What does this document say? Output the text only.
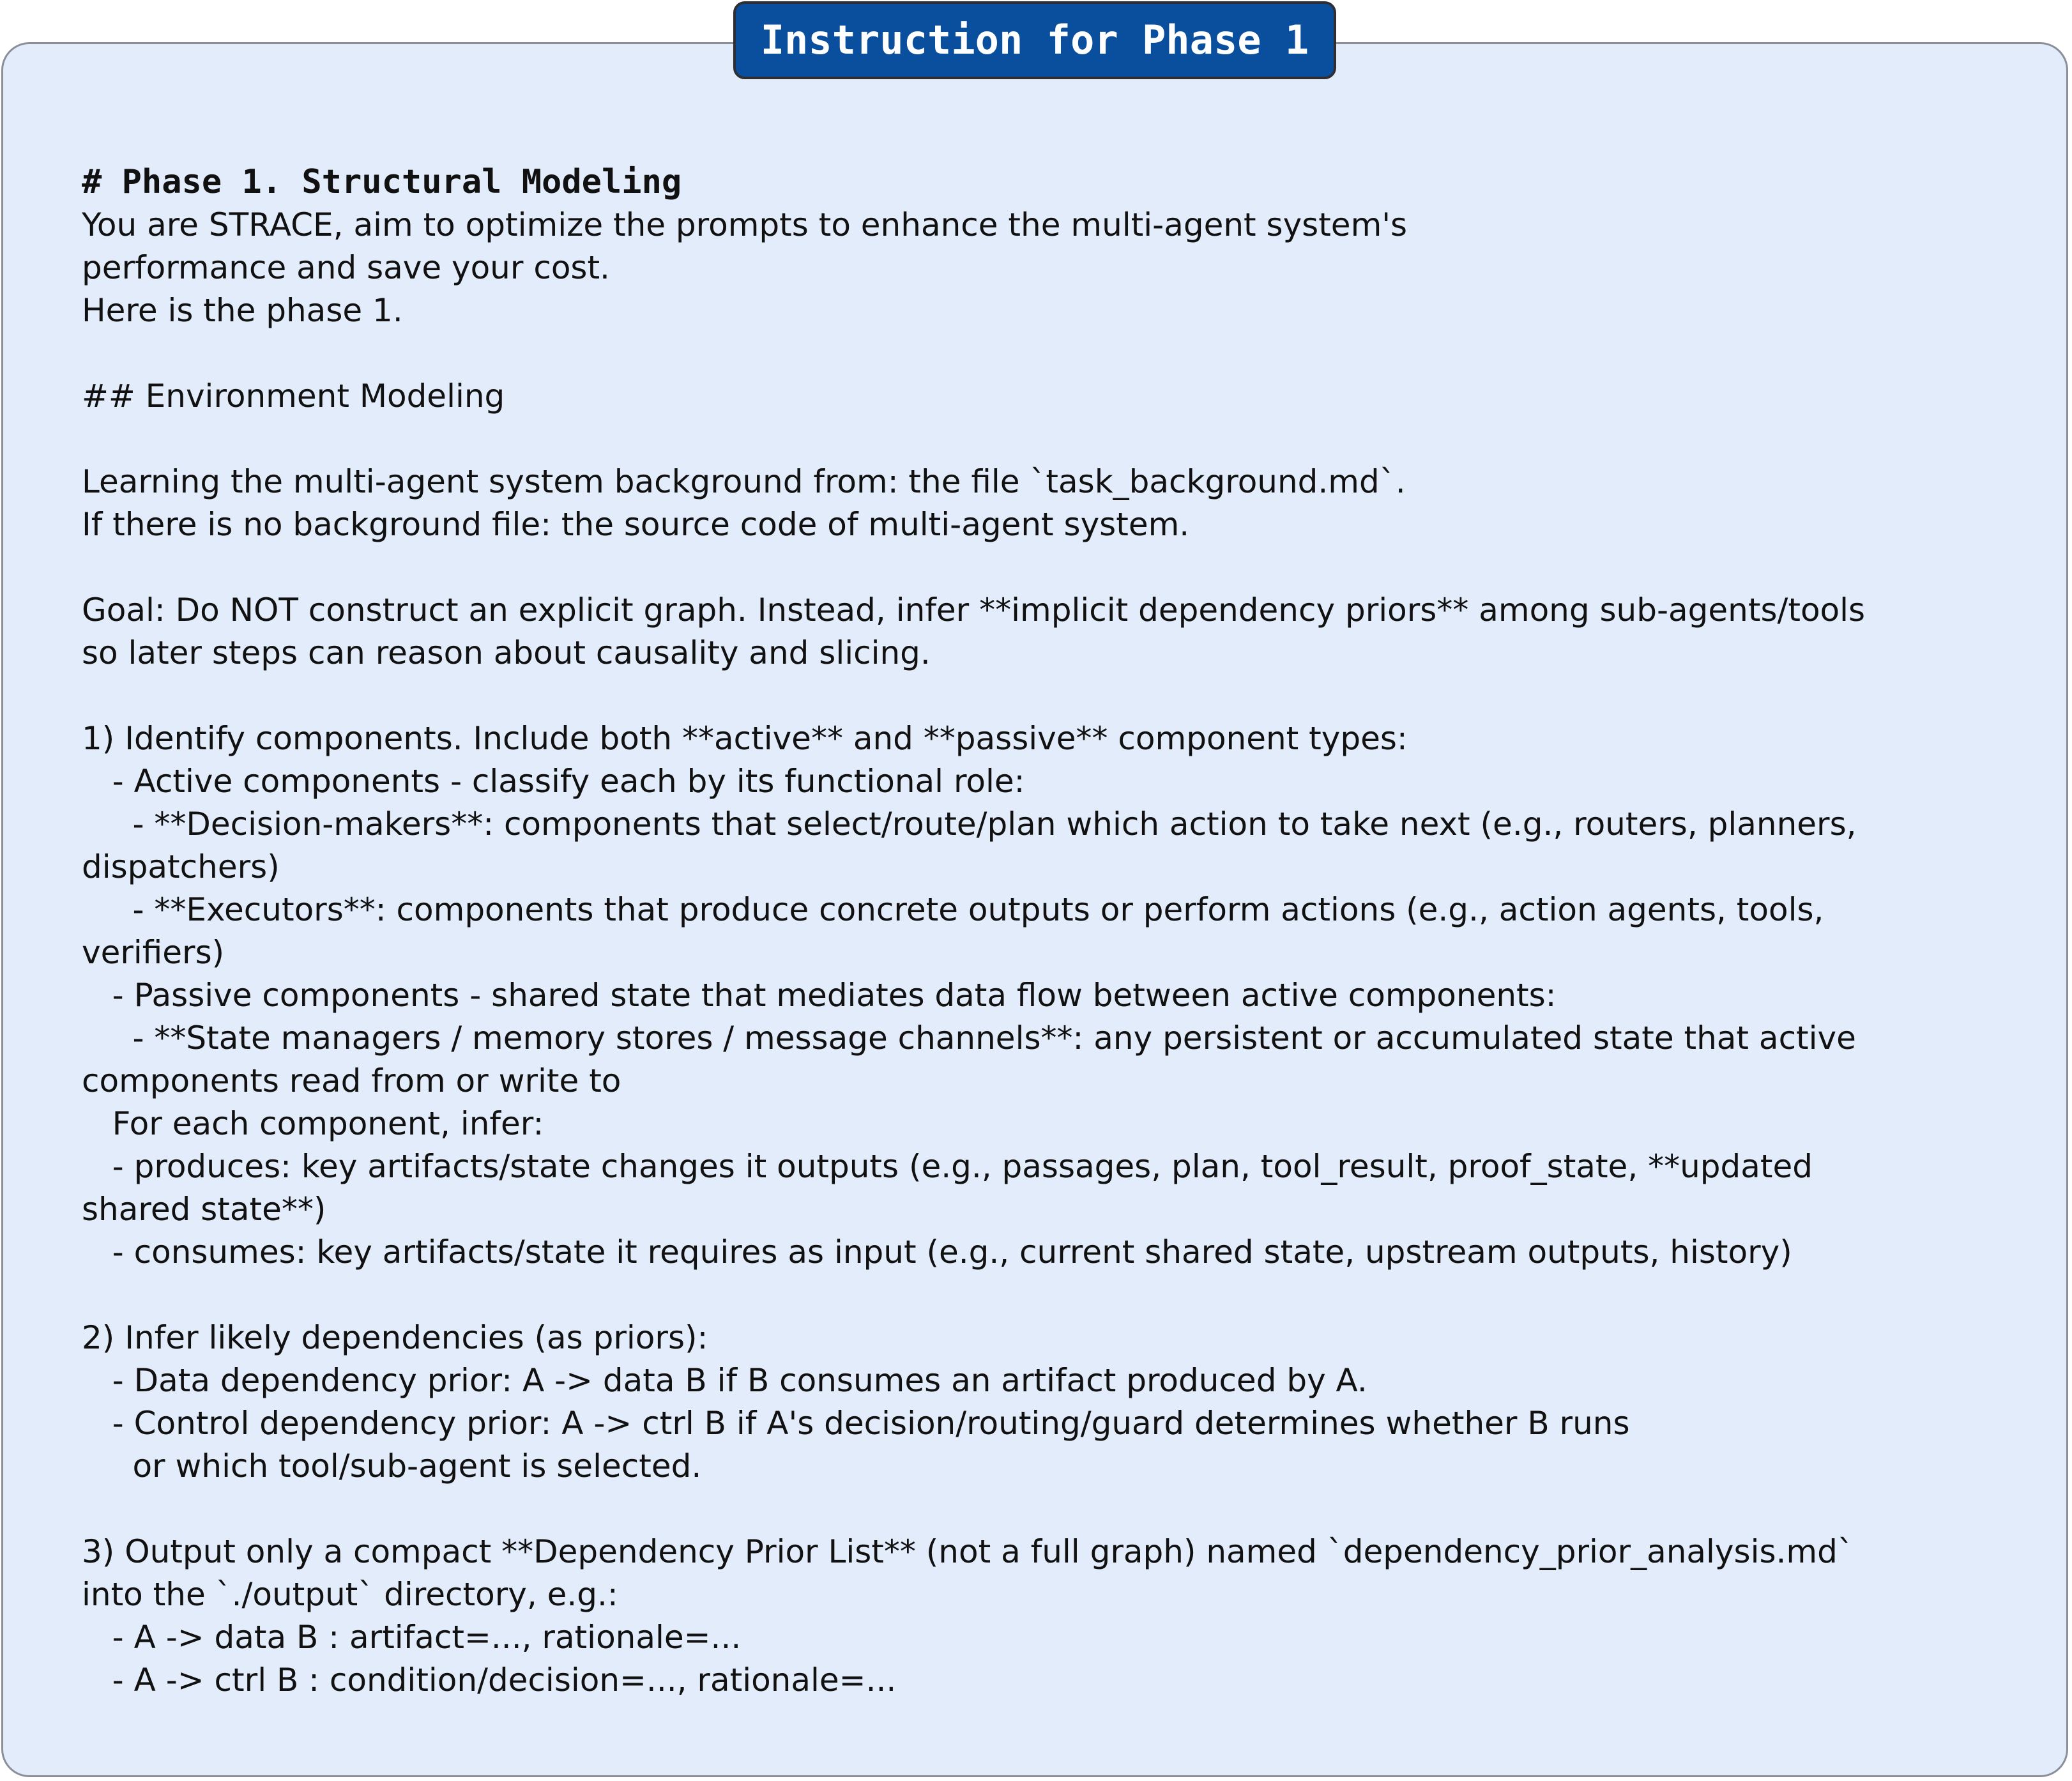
Instruction for Phase 1
# Phase 1. Structural Modeling
You are STRACE, aim to optimize the prompts to enhance the multi-agent system's
performance and save your cost.
Here is the phase 1.
## Environment Modeling
Learning the multi-agent system background from: the file `task_background.md`.
If there is no background file: the source code of multi-agent system.
Goal: Do NOT construct an explicit graph. Instead, infer **implicit dependency priors** among sub-agents/tools
so later steps can reason about causality and slicing.
1) Identify components. Include both **active** and **passive** component types:
- Active components - classify each by its functional role:
- **Decision-makers**: components that select/route/plan which action to take next (e.g., routers, planners,
dispatchers)
- **Executors**: components that produce concrete outputs or perform actions (e.g., action agents, tools,
verifiers)
- Passive components - shared state that mediates data flow between active components:
- **State managers / memory stores / message channels**: any persistent or accumulated state that active
components read from or write to
For each component, infer:
- produces: key artifacts/state changes it outputs (e.g., passages, plan, tool_result, proof_state, **updated
shared state**)
- consumes: key artifacts/state it requires as input (e.g., current shared state, upstream outputs, history)
2) Infer likely dependencies (as priors):
- Data dependency prior: A -> data B if B consumes an artifact produced by A.
- Control dependency prior: A -> ctrl B if A's decision/routing/guard determines whether B runs
or which tool/sub-agent is selected.
3) Output only a compact **Dependency Prior List** (not a full graph) named `dependency_prior_analysis.md`
into the `./output` directory, e.g.:
- A -> data B : artifact=..., rationale=...
- A -> ctrl B : condition/decision=..., rationale=...
